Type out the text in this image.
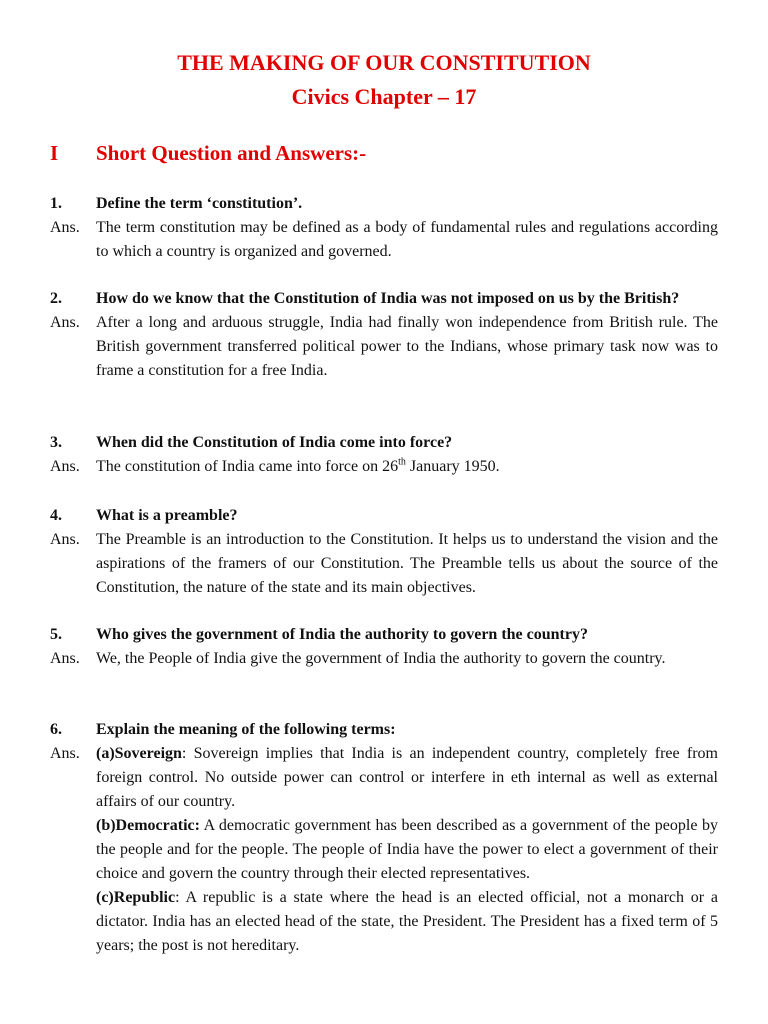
THE MAKING OF OUR CONSTITUTION
Civics Chapter – 17
I Short Question and Answers:-
1. Define the term ‘constitution’.
Ans. The term constitution may be defined as a body of fundamental rules and regulations according to which a country is organized and governed.
2. How do we know that the Constitution of India was not imposed on us by the British?
Ans. After a long and arduous struggle, India had finally won independence from British rule. The British government transferred political power to the Indians, whose primary task now was to frame a constitution for a free India.
3. When did the Constitution of India come into force?
Ans. The constitution of India came into force on 26th January 1950.
4. What is a preamble?
Ans. The Preamble is an introduction to the Constitution. It helps us to understand the vision and the aspirations of the framers of our Constitution. The Preamble tells us about the source of the Constitution, the nature of the state and its main objectives.
5. Who gives the government of India the authority to govern the country?
Ans. We, the People of India give the government of India the authority to govern the country.
6. Explain the meaning of the following terms:
Ans. (a)Sovereign: Sovereign implies that India is an independent country, completely free from foreign control. No outside power can control or interfere in eth internal as well as external affairs of our country.
(b)Democratic: A democratic government has been described as a government of the people by the people and for the people. The people of India have the power to elect a government of their choice and govern the country through their elected representatives.
(c)Republic: A republic is a state where the head is an elected official, not a monarch or a dictator. India has an elected head of the state, the President. The President has a fixed term of 5 years; the post is not hereditary.
